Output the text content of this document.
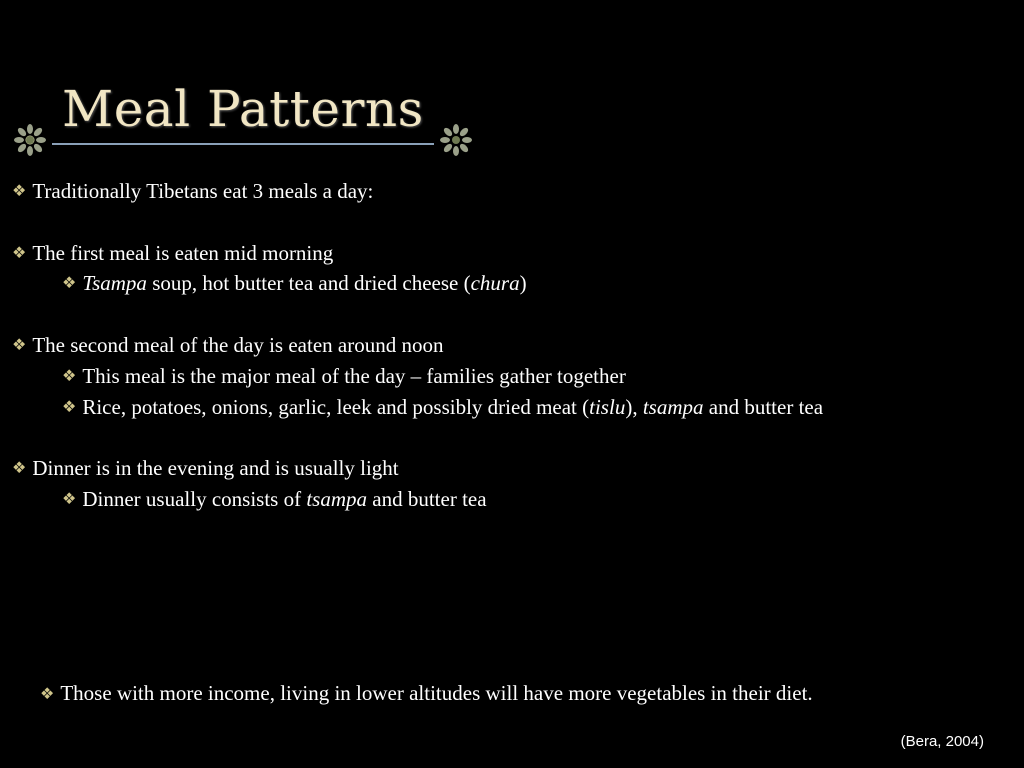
Meal Patterns
❖ Traditionally Tibetans eat 3 meals a day:
❖ The first meal is eaten mid morning
❖ Tsampa soup, hot butter tea and dried cheese (chura)
❖ The second meal of the day is eaten around noon
❖ This meal is the major meal of the day – families gather together
❖ Rice, potatoes, onions, garlic, leek and possibly dried meat (tislu), tsampa and butter tea
❖ Dinner is in the evening and is usually light
❖ Dinner usually consists of tsampa and butter tea
❖ Those with more income, living in lower altitudes will have more vegetables in their diet.
(Bera, 2004)
